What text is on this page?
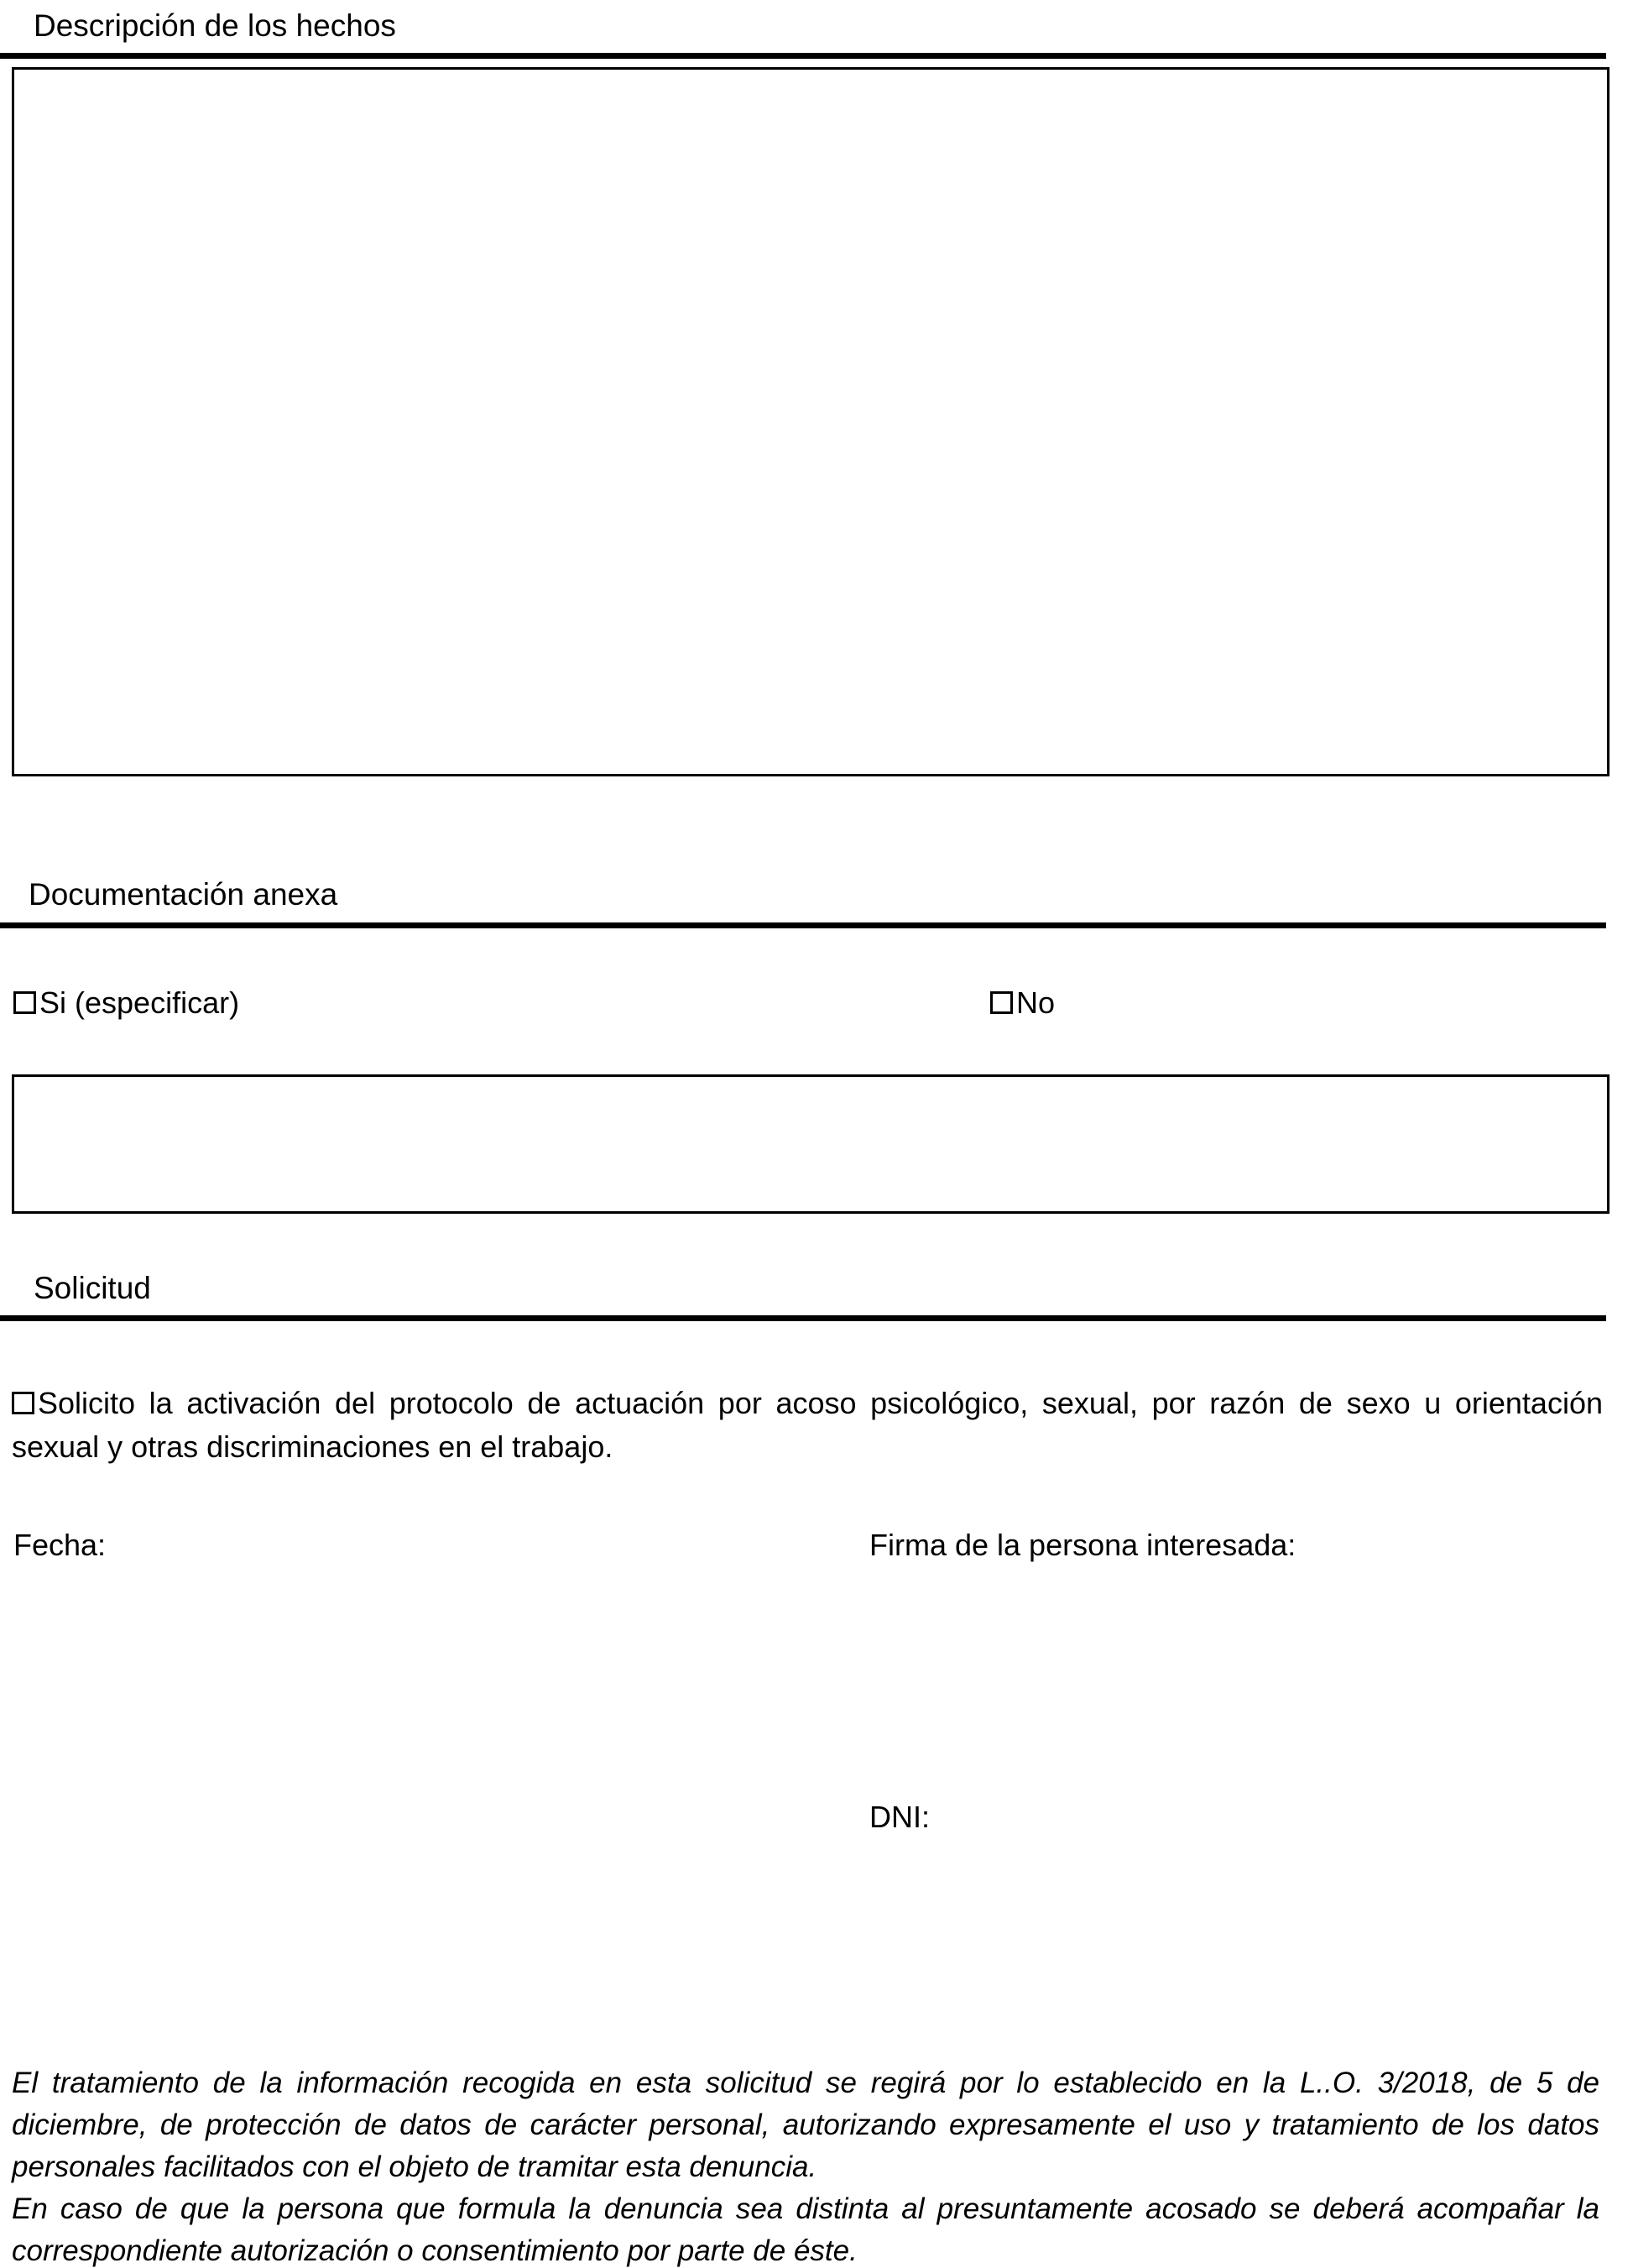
Descripción de los hechos
Documentación anexa
Si (especificar)	No
Solicitud

Solicito la activación del protocolo de actuación por acoso psicológico, sexual, por razón de sexo u orientación sexual y otras discriminaciones en el trabajo.

Fecha:	Firma de la persona interesada:
DNI:

El tratamiento de la información recogida en esta solicitud se regirá por lo establecido en la L..O. 3/2018, de 5 de diciembre, de protección de datos de carácter personal, autorizando expresamente el uso y tratamiento de los datos personales facilitados con el objeto de tramitar esta denuncia.

En caso de que la persona que formula la denuncia sea distinta al presuntamente acosado se deberá acompañar la correspondiente autorización o consentimiento por parte de éste.
